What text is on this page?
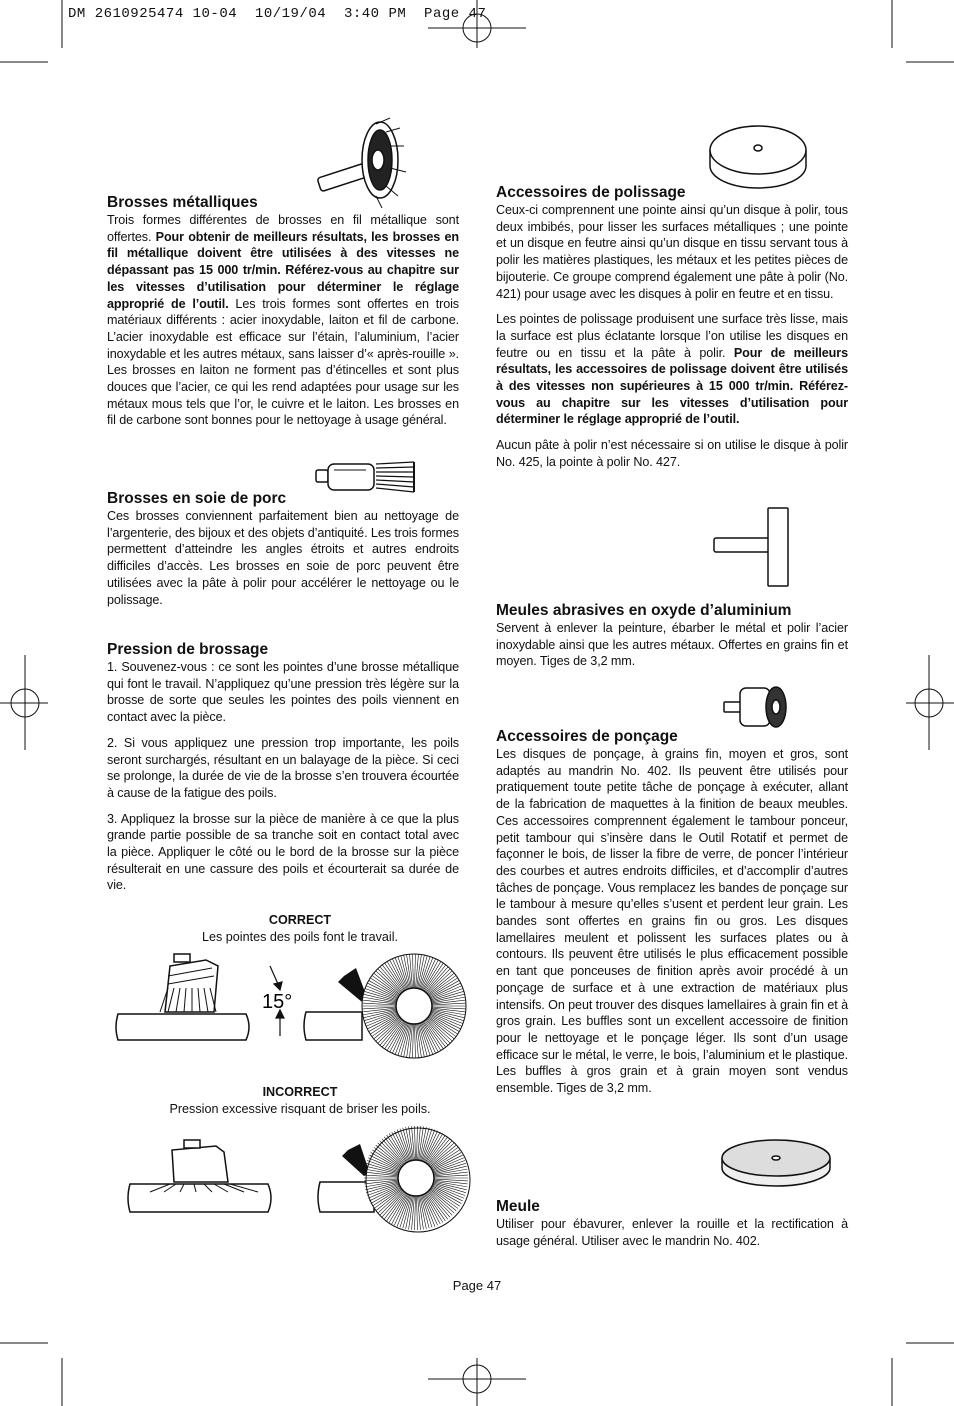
DM 2610925474 10-04  10/19/04  3:40 PM  Page 47
Brosses métalliques

Trois formes différentes de brosses en fil métallique sont offertes. Pour obtenir de meilleurs résultats, les brosses en fil métallique doivent être utilisées à des vitesses ne dépassant pas 15 000 tr/min. Référez-vous au chapitre sur les vitesses d’utilisation pour déterminer le réglage approprié de l’outil. Les trois formes sont offertes en trois matériaux différents : acier inoxydable, laiton et fil de carbone. L’acier inoxydable est efficace sur l’étain, l’aluminium, l’acier inoxydable et les autres métaux, sans laisser d’« après-rouille ». Les brosses en laiton ne forment pas d’étincelles et sont plus douces que l’acier, ce qui les rend adaptées pour usage sur les métaux mous tels que l’or, le cuivre et le laiton. Les brosses en fil de carbone sont bonnes pour le nettoyage à usage général.

Brosses en soie de porc

Ces brosses conviennent parfaitement bien au nettoyage de l’argenterie, des bijoux et des objets d’antiquité. Les trois formes permettent d’atteindre les angles étroits et autres endroits difficiles d’accès. Les brosses en soie de porc peuvent être utilisées avec la pâte à polir pour accélérer le nettoyage ou le polissage.

Pression de brossage

1. Souvenez-vous : ce sont les pointes d’une brosse métallique qui font le travail. N’appliquez qu’une pression très légère sur la brosse de sorte que seules les pointes des poils viennent en contact avec la pièce.

2. Si vous appliquez une pression trop importante, les poils seront surchargés, résultant en un balayage de la pièce. Si ceci se prolonge, la durée de vie de la brosse s’en trouvera écourtée à cause de la fatigue des poils.

3. Appliquez la brosse sur la pièce de manière à ce que la plus grande partie possible de sa tranche soit en contact total avec la pièce. Appliquer le côté ou le bord de la brosse sur la pièce résulterait en une cassure des poils et écourterait sa durée de vie.

CORRECT
Les pointes des poils font le travail.
15°
INCORRECT
Pression excessive risquant de briser les poils.
Accessoires de polissage

Ceux-ci comprennent une pointe ainsi qu’un disque à polir, tous deux imbibés, pour lisser les surfaces métalliques ; une pointe et un disque en feutre ainsi qu’un disque en tissu servant tous à polir les matières plastiques, les métaux et les petites pièces de bijouterie. Ce groupe comprend également une pâte à polir (No. 421) pour usage avec les disques à polir en feutre et en tissu.

Les pointes de polissage produisent une surface très lisse, mais la surface est plus éclatante lorsque l’on utilise les disques en feutre ou en tissu et la pâte à polir. Pour de meilleurs résultats, les accessoires de polissage doivent être utilisés à des vitesses non supérieures à 15 000 tr/min. Référez-vous au chapitre sur les vitesses d’utilisation pour déterminer le réglage approprié de l’outil.

Aucun pâte à polir n’est nécessaire si on utilise le disque à polir No. 425, la pointe à polir No. 427.

Meules abrasives en oxyde d’aluminium

Servent à enlever la peinture, ébarber le métal et polir l’acier inoxydable ainsi que les autres métaux. Offertes en grains fin et moyen. Tiges de 3,2 mm.

Accessoires de ponçage

Les disques de ponçage, à grains fin, moyen et gros, sont adaptés au mandrin No. 402. Ils peuvent être utilisés pour pratiquement toute petite tâche de ponçage à exécuter, allant de la fabrication de maquettes à la finition de beaux meubles. Ces accessoires comprennent également le tambour ponceur, petit tambour qui s’insère dans le Outil Rotatif et permet de façonner le bois, de lisser la fibre de verre, de poncer l’intérieur des courbes et autres endroits difficiles, et d’accomplir d’autres tâches de ponçage. Vous remplacez les bandes de ponçage sur le tambour à mesure qu’elles s’usent et perdent leur grain. Les bandes sont offertes en grains fin ou gros. Les disques lamellaires meulent et polissent les surfaces plates ou à contours. Ils peuvent être utilisés le plus efficacement possible en tant que ponceuses de finition après avoir procédé à un ponçage de surface et à une extraction de matériaux plus intensifs. On peut trouver des disques lamellaires à grain fin et à gros grain. Les buffles sont un excellent accessoire de finition pour le nettoyage et le ponçage léger. Ils sont d’un usage efficace sur le métal, le verre, le bois, l’aluminium et le plastique. Les buffles à gros grain et à grain moyen sont vendus ensemble. Tiges de 3,2 mm.

Meule

Utiliser pour ébavurer, enlever la rouille et la rectification à usage général. Utiliser avec le mandrin No. 402.

Page 47
